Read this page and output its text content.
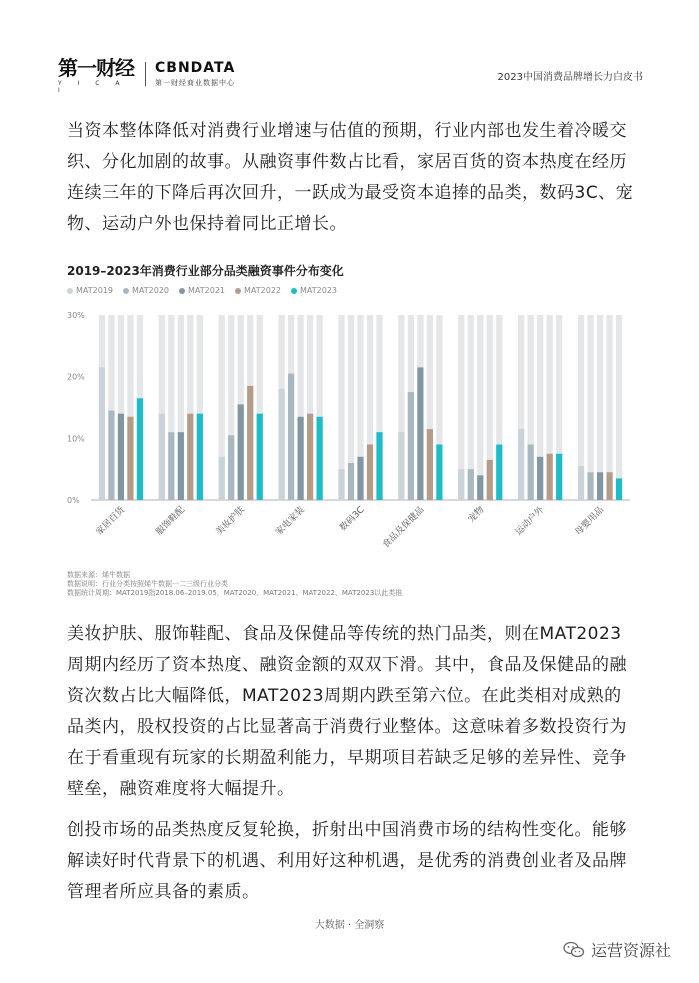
第一财经
Y I C A I
CBNDATA
第一财经商业数据中心	2023中国消费品牌增长力白皮书
当资本整体降低对消费行业增速与估值的预期，行业内部也发生着冷暖交织、分化加剧的故事。从融资事件数占比看，家居百货的资本热度在经历连续三年的下降后再次回升，一跃成为最受资本追捧的品类，数码3C、宠物、运动户外也保持着同比正增长。
2019–2023年消费行业部分品类融资事件分布变化
MAT2019 MAT2020 MAT2021 MAT2022 MAT2023
0%
10%
20%
30%
家居百货	服饰鞋配	美妆护肤	家电家装	数码3C 食品及保健品	宠物	运动户外	母婴用品
数据来源：烯牛数据
数据说明：行业分类按照烯牛数据一二三级行业分类
数据统计周期：MAT2019指2018.06–2019.05，MAT2020、MAT2021、MAT2022、MAT2023以此类推
美妆护肤、服饰鞋配、食品及保健品等传统的热门品类，则在MAT2023周期内经历了资本热度、融资金额的双双下滑。其中，食品及保健品的融资次数占比大幅降低，MAT2023周期内跌至第六位。在此类相对成熟的品类内，股权投资的占比显著高于消费行业整体。这意味着多数投资行为在于看重现有玩家的长期盈利能力，早期项目若缺乏足够的差异性、竞争壁垒，融资难度将大幅提升。
创投市场的品类热度反复轮换，折射出中国消费市场的结构性变化。能够解读好时代背景下的机遇、利用好这种机遇，是优秀的消费创业者及品牌管理者所应具备的素质。
大数据 · 全洞察
运营资源社
